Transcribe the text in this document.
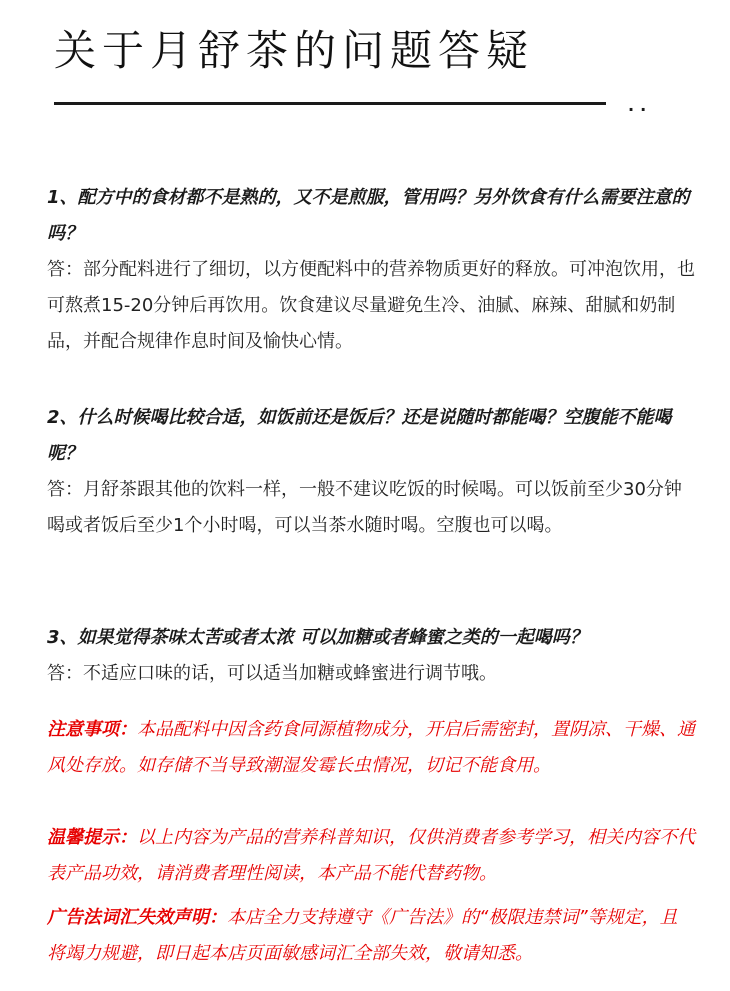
关于月舒茶的问题答疑
..
1、配方中的食材都不是熟的，又不是煎服，管用吗？另外饮食有什么需要注意的吗？
答：部分配料进行了细切，以方便配料中的营养物质更好的释放。可冲泡饮用，也可熬煮15-20分钟后再饮用。饮食建议尽量避免生冷、油腻、麻辣、甜腻和奶制品，并配合规律作息时间及愉快心情。
2、什么时候喝比较合适，如饭前还是饭后？还是说随时都能喝？空腹能不能喝呢？
答：月舒茶跟其他的饮料一样，一般不建议吃饭的时候喝。可以饭前至少30分钟喝或者饭后至少1个小时喝，可以当茶水随时喝。空腹也可以喝。
3、如果觉得茶味太苦或者太浓 可以加糖或者蜂蜜之类的一起喝吗？
答：不适应口味的话，可以适当加糖或蜂蜜进行调节哦。
注意事项：本品配料中因含药食同源植物成分，开启后需密封，置阴凉、干燥、通风处存放。如存储不当导致潮湿发霉长虫情况，切记不能食用。
温馨提示：以上内容为产品的营养科普知识，仅供消费者参考学习，相关内容不代表产品功效，请消费者理性阅读，本产品不能代替药物。
广告法词汇失效声明：本店全力支持遵守《广告法》的“极限违禁词”等规定，且将竭力规避，即日起本店页面敏感词汇全部失效，敬请知悉。
